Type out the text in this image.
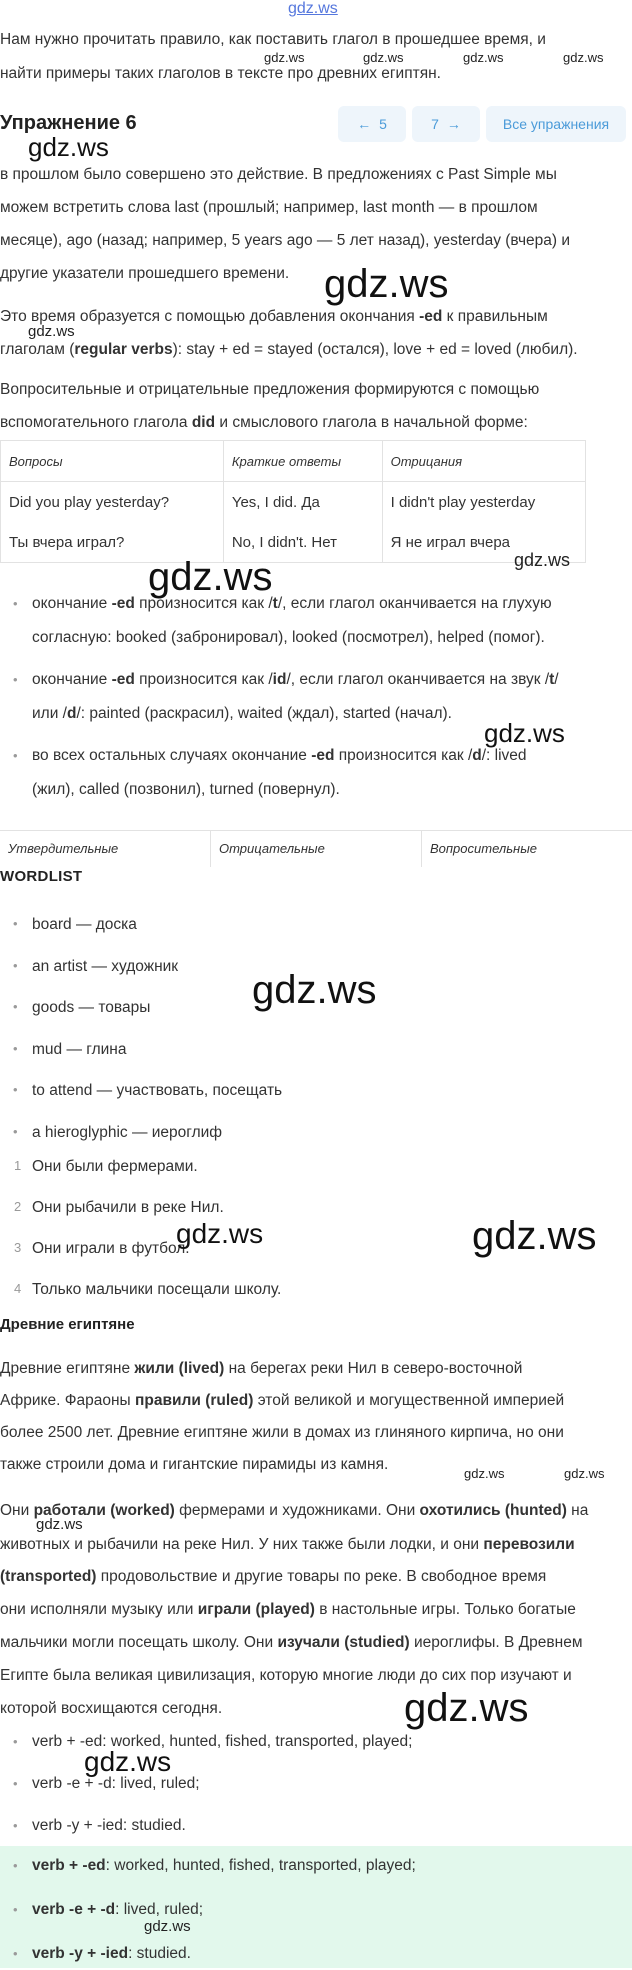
gdz.ws

Нам нужно прочитать правило, как поставить глагол в прошедшее время, и

найти примеры таких глаголов в тексте про древних египтян.

gdz.ws	gdz.ws	gdz.ws	gdz.ws
Упражнение 6	← 5	7 →	Все упражнения
gdz.ws

в прошлом было совершено это действие. В предложениях с Past Simple мы

можем встретить слова last (прошлый; например, last month — в прошлом

месяце), ago (назад; например, 5 years ago — 5 лет назад), yesterday (вчера) и

другие указатели прошедшего времени. gdz.ws

Это время образуется с помощью добавления окончания -ed к правильным

глаголам (regular verbs): stay + ed = stayed (остался), love + ed = loved (любил).

gdz.ws

Вопросительные и отрицательные предложения формируются с помощью

вспомогательного глагола did и смыслового глагола в начальной форме:

Вопросы	Краткие ответы	Отрицания
Did you play yesterday?	Yes, I did. Да	I didn't play yesterday
Ты вчера играл?	No, I didn't. Нет	Я не играл вчера
gdz.ws
gdz.ws
• окончание -ed произносится как /t/, если глагол оканчивается на глухую
согласную: booked (забронировал), looked (посмотрел), helped (помог).
• окончание -ed произносится как /id/, если глагол оканчивается на звук /t/
или /d/: painted (раскрасил), waited (ждал), started (начал).
• во всех остальных случаях окончание -ed произносится как /d/: lived
(жил), called (позвонил), turned (повернул).
gdz.ws
Утвердительные	Отрицательные	Вопросительные
WORDLIST
• board — доска
• an artist — художник
• goods — товары
• mud — глина
• to attend — участвовать, посещать
• a hieroglyphic — иероглиф
gdz.ws
1 Они были фермерами.
2 Они рыбачили в реке Нил.
3 Они играли в футбол.
4 Только мальчики посещали школу.
gdz.ws	gdz.ws
Древние египтяне

Древние египтяне жили (lived) на берегах реки Нил в северо-восточной

Африке. Фараоны правили (ruled) этой великой и могущественной империей

более 2500 лет. Древние египтяне жили в домах из глиняного кирпича, но они

также строили дома и гигантские пирамиды из камня.

gdz.ws	gdz.ws

Они работали (worked) фермерами и художниками. Они охотились (hunted) на

gdz.ws

животных и рыбачили на реке Нил. У них также были лодки, и они перевозили

(transported) продовольствие и другие товары по реке. В свободное время

они исполняли музыку или играли (played) в настольные игры. Только богатые

мальчики могли посещать школу. Они изучали (studied) иероглифы. В Древнем

Египте была великая цивилизация, которую многие люди до сих пор изучают и

которой восхищаются сегодня.	gdz.ws
• verb + -ed: worked, hunted, fished, transported, played;
• verb -e + -d: lived, ruled;
• verb -y + -ied: studied.
gdz.ws
• verb + -ed: worked, hunted, fished, transported, played;
• verb -e + -d: lived, ruled;
• verb -y + -ied: studied.
gdz.ws
